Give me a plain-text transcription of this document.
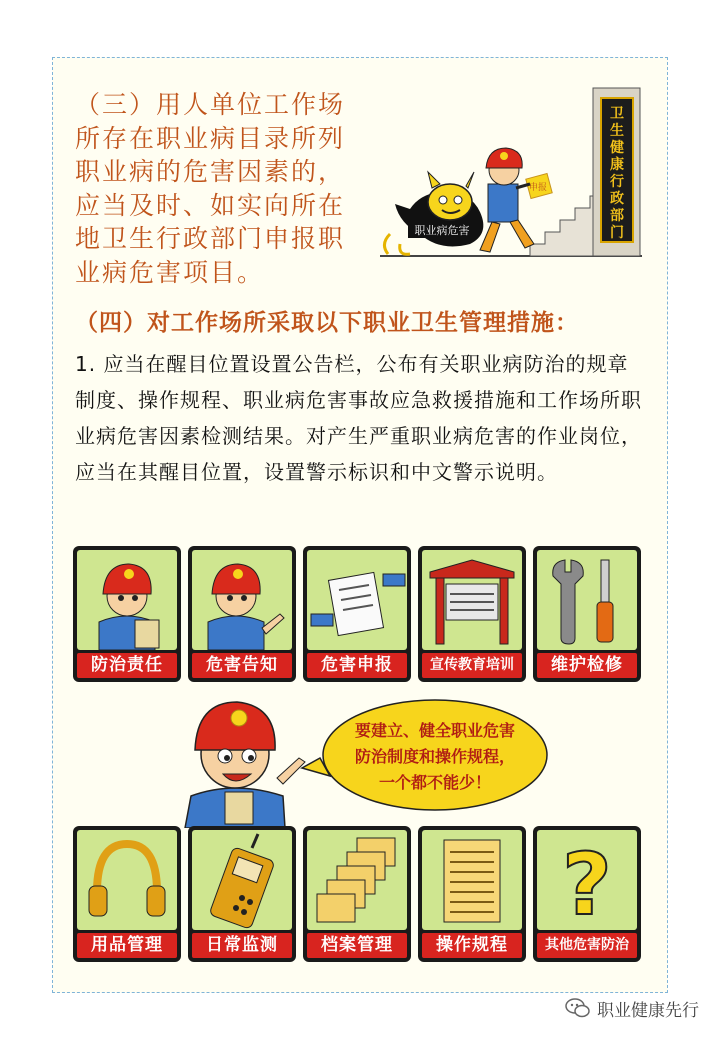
（三）用人单位工作场所存在职业病目录所列职业病的危害因素的，应当及时、如实向所在地卫生行政部门申报职业病危害项目。

卫生健康行政部门
职业病危害
申报
（四）对工作场所采取以下职业卫生管理措施：

1. 应当在醒目位置设置公告栏，公布有关职业病防治的规章制度、操作规程、职业病危害事故应急救援措施和工作场所职业病危害因素检测结果。对产生严重职业病危害的作业岗位，应当在其醒目位置，设置警示标识和中文警示说明。

防治责任	危害告知	危害申报	宣传教育培训	维护检修

要建立、健全职业危害
防治制度和操作规程，
一个都不能少！

用品管理	日常监测	档案管理	操作规程
?
其他危害防治
职业健康先行
